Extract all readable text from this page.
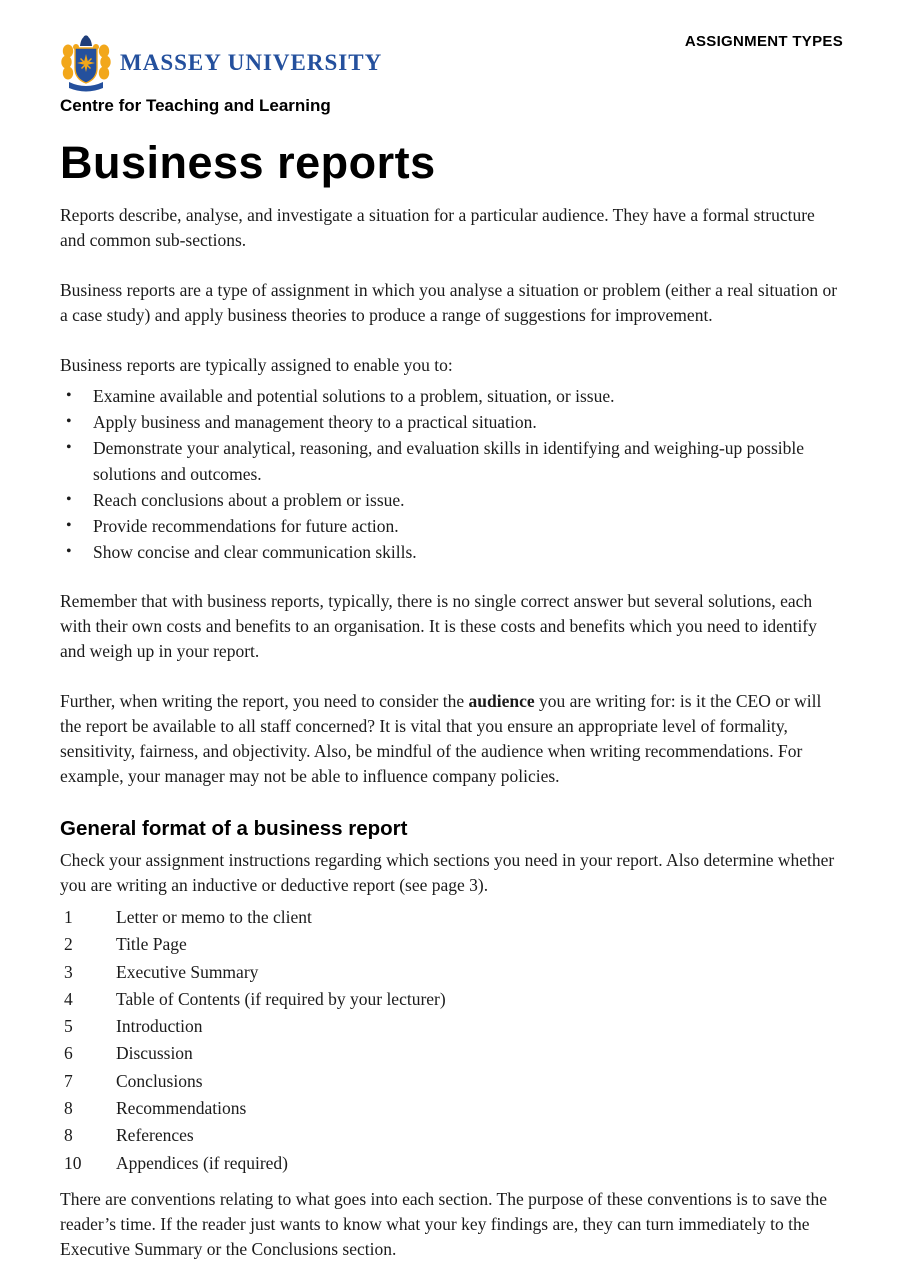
MASSEY UNIVERSITY
Centre for Teaching and Learning
ASSIGNMENT TYPES
Business reports

Reports describe, analyse, and investigate a situation for a particular audience. They have a formal structure and common sub-sections.

Business reports are a type of assignment in which you analyse a situation or problem (either a real situation or a case study) and apply business theories to produce a range of suggestions for improvement.

Business reports are typically assigned to enable you to:

• Examine available and potential solutions to a problem, situation, or issue.
• Apply business and management theory to a practical situation.
• Demonstrate your analytical, reasoning, and evaluation skills in identifying and weighing-up possible solutions and outcomes.
• Reach conclusions about a problem or issue.
• Provide recommendations for future action.
• Show concise and clear communication skills.

Remember that with business reports, typically, there is no single correct answer but several solutions, each with their own costs and benefits to an organisation. It is these costs and benefits which you need to identify and weigh up in your report.

Further, when writing the report, you need to consider the audience you are writing for: is it the CEO or will the report be available to all staff concerned? It is vital that you ensure an appropriate level of formality, sensitivity, fairness, and objectivity. Also, be mindful of the audience when writing recommendations. For example, your manager may not be able to influence company policies.

General format of a business report

Check your assignment instructions regarding which sections you need in your report. Also determine whether you are writing an inductive or deductive report (see page 3).

1	Letter or memo to the client
2	Title Page
3	Executive Summary
4	Table of Contents (if required by your lecturer)
5	Introduction
6	Discussion
7	Conclusions
8	Recommendations
8	References
10	Appendices (if required)

There are conventions relating to what goes into each section. The purpose of these conventions is to save the reader’s time. If the reader just wants to know what your key findings are, they can turn immediately to the Executive Summary or the Conclusions section.
